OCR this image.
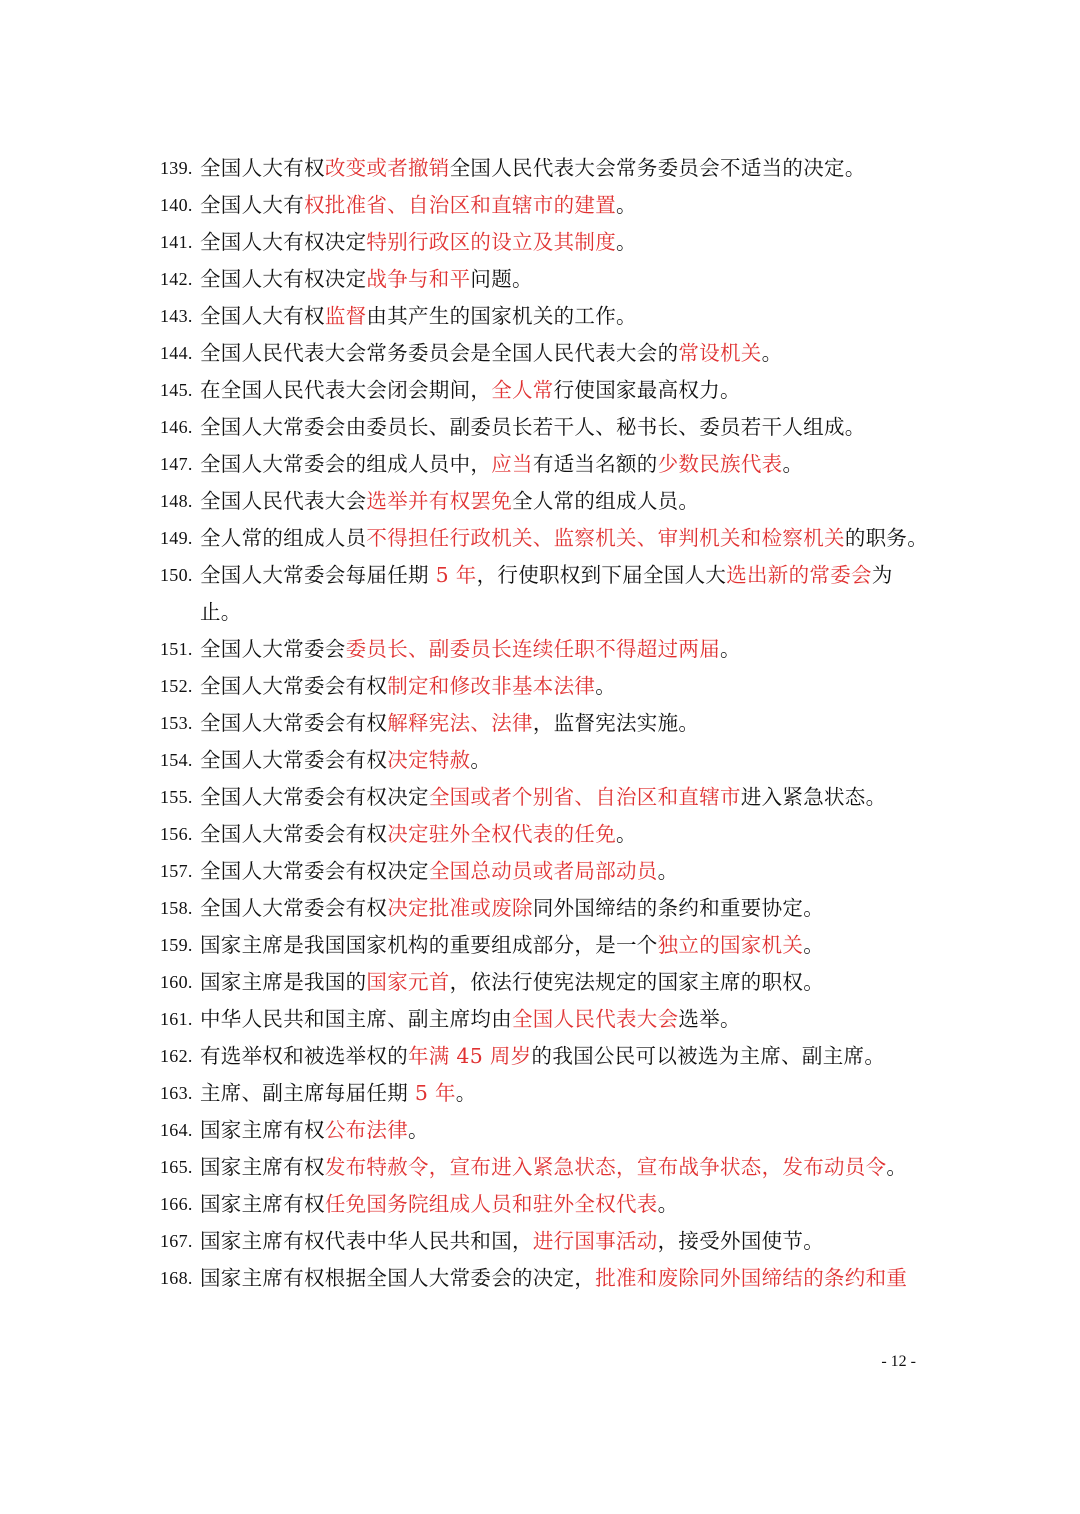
139. 全国人大有权改变或者撤销全国人民代表大会常务委员会不适当的决定。
140. 全国人大有权批准省、自治区和直辖市的建置。
141. 全国人大有权决定特别行政区的设立及其制度。
142. 全国人大有权决定战争与和平问题。
143. 全国人大有权监督由其产生的国家机关的工作。
144. 全国人民代表大会常务委员会是全国人民代表大会的常设机关。
145. 在全国人民代表大会闭会期间，全人常行使国家最高权力。
146. 全国人大常委会由委员长、副委员长若干人、秘书长、委员若干人组成。
147. 全国人大常委会的组成人员中，应当有适当名额的少数民族代表。
148. 全国人民代表大会选举并有权罢免全人常的组成人员。
149. 全人常的组成人员不得担任行政机关、监察机关、审判机关和检察机关的职务。
150. 全国人大常委会每届任期 5 年，行使职权到下届全国人大选出新的常委会为止。
151. 全国人大常委会委员长、副委员长连续任职不得超过两届。
152. 全国人大常委会有权制定和修改非基本法律。
153. 全国人大常委会有权解释宪法、法律，监督宪法实施。
154. 全国人大常委会有权决定特赦。
155. 全国人大常委会有权决定全国或者个别省、自治区和直辖市进入紧急状态。
156. 全国人大常委会有权决定驻外全权代表的任免。
157. 全国人大常委会有权决定全国总动员或者局部动员。
158. 全国人大常委会有权决定批准或废除同外国缔结的条约和重要协定。
159. 国家主席是我国国家机构的重要组成部分，是一个独立的国家机关。
160. 国家主席是我国的国家元首，依法行使宪法规定的国家主席的职权。
161. 中华人民共和国主席、副主席均由全国人民代表大会选举。
162. 有选举权和被选举权的年满 45 周岁的我国公民可以被选为主席、副主席。
163. 主席、副主席每届任期 5 年。
164. 国家主席有权公布法律。
165. 国家主席有权发布特赦令，宣布进入紧急状态，宣布战争状态，发布动员令。
166. 国家主席有权任免国务院组成人员和驻外全权代表。
167. 国家主席有权代表中华人民共和国，进行国事活动，接受外国使节。
168. 国家主席有权根据全国人大常委会的决定，批准和废除同外国缔结的条约和重
- 12 -
